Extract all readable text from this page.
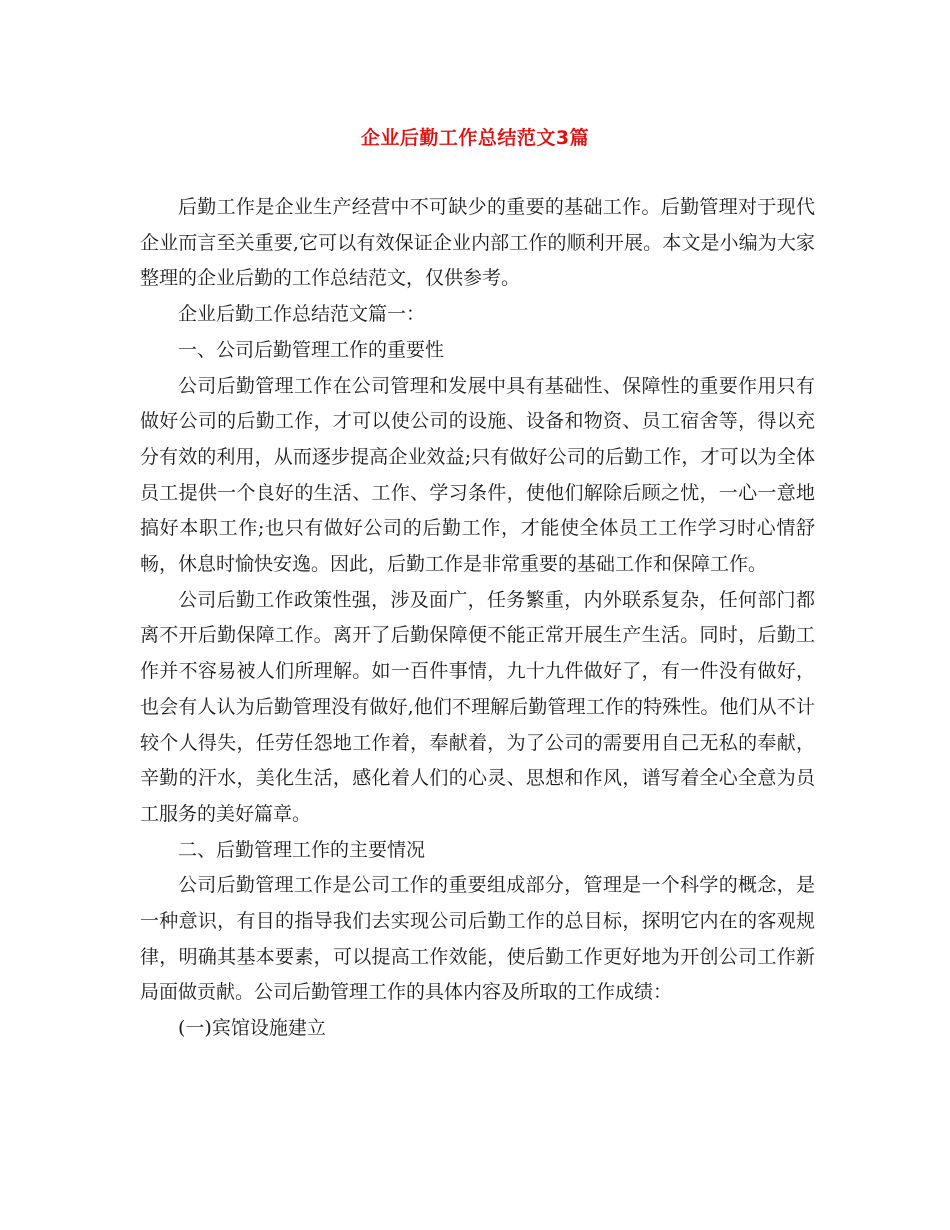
企业后勤工作总结范文3篇

后勤工作是企业生产经营中不可缺少的重要的基础工作。后勤管理对于现代企业而言至关重要,它可以有效保证企业内部工作的顺利开展。本文是小编为大家整理的企业后勤的工作总结范文，仅供参考。

企业后勤工作总结范文篇一：

一、公司后勤管理工作的重要性

公司后勤管理工作在公司管理和发展中具有基础性、保障性的重要作用只有做好公司的后勤工作，才可以使公司的设施、设备和物资、员工宿舍等，得以充分有效的利用，从而逐步提高企业效益;只有做好公司的后勤工作，才可以为全体员工提供一个良好的生活、工作、学习条件，使他们解除后顾之忧，一心一意地搞好本职工作;也只有做好公司的后勤工作，才能使全体员工工作学习时心情舒畅，休息时愉快安逸。因此，后勤工作是非常重要的基础工作和保障工作。

公司后勤工作政策性强，涉及面广，任务繁重，内外联系复杂，任何部门都离不开后勤保障工作。离开了后勤保障便不能正常开展生产生活。同时，后勤工作并不容易被人们所理解。如一百件事情，九十九件做好了，有一件没有做好，也会有人认为后勤管理没有做好,他们不理解后勤管理工作的特殊性。他们从不计较个人得失，任劳任怨地工作着，奉献着，为了公司的需要用自己无私的奉献，辛勤的汗水，美化生活，感化着人们的心灵、思想和作风，谱写着全心全意为员工服务的美好篇章。

二、后勤管理工作的主要情况

公司后勤管理工作是公司工作的重要组成部分，管理是一个科学的概念，是一种意识，有目的指导我们去实现公司后勤工作的总目标，探明它内在的客观规律，明确其基本要素，可以提高工作效能，使后勤工作更好地为开创公司工作新局面做贡献。公司后勤管理工作的具体内容及所取的工作成绩：

(一)宾馆设施建立
